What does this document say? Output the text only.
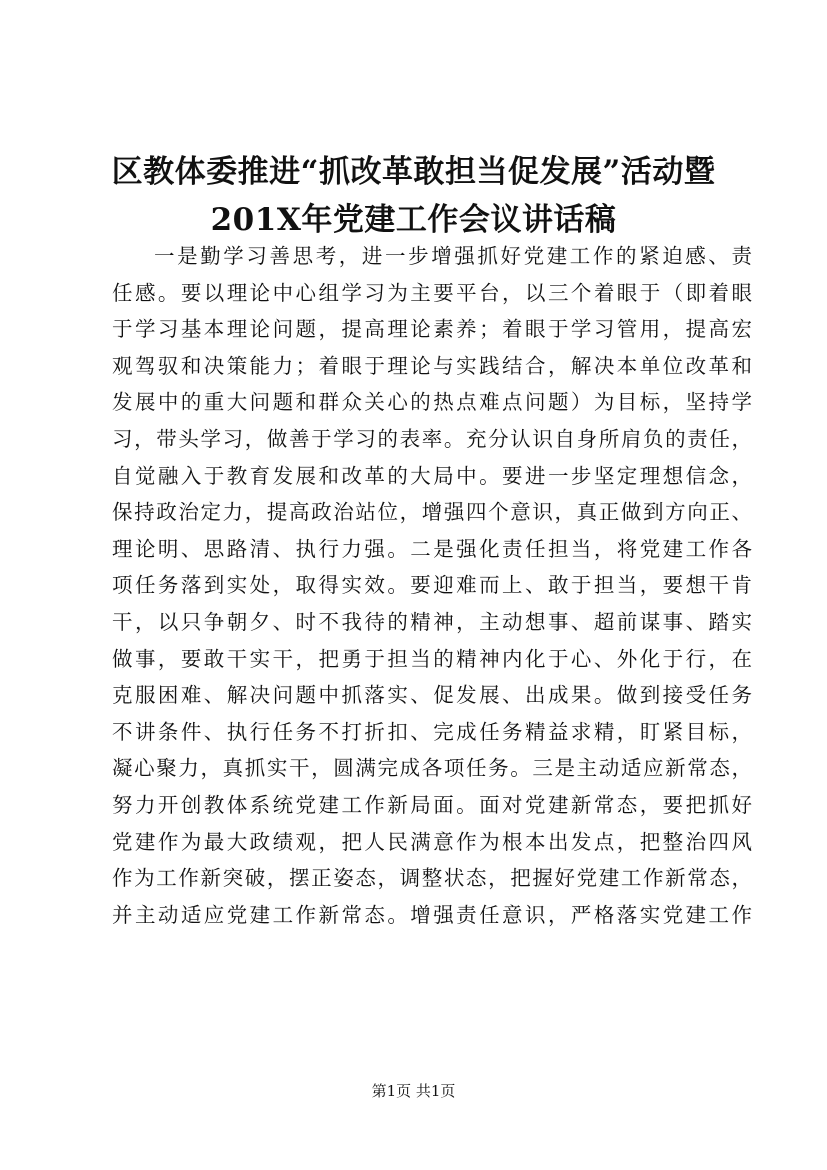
区教体委推进“抓改革敢担当促发展”活动暨
201X年党建工作会议讲话稿
一是勤学习善思考，进一步增强抓好党建工作的紧迫感、责
任感。要以理论中心组学习为主要平台，以三个着眼于（即着眼
于学习基本理论问题，提高理论素养；着眼于学习管用，提高宏
观驾驭和决策能力；着眼于理论与实践结合，解决本单位改革和
发展中的重大问题和群众关心的热点难点问题）为目标，坚持学
习，带头学习，做善于学习的表率。充分认识自身所肩负的责任，
自觉融入于教育发展和改革的大局中。要进一步坚定理想信念，
保持政治定力，提高政治站位，增强四个意识，真正做到方向正、
理论明、思路清、执行力强。二是强化责任担当，将党建工作各
项任务落到实处，取得实效。要迎难而上、敢于担当，要想干肯
干，以只争朝夕、时不我待的精神，主动想事、超前谋事、踏实
做事，要敢干实干，把勇于担当的精神内化于心、外化于行，在
克服困难、解决问题中抓落实、促发展、出成果。做到接受任务
不讲条件、执行任务不打折扣、完成任务精益求精，盯紧目标，
凝心聚力，真抓实干，圆满完成各项任务。三是主动适应新常态，
努力开创教体系统党建工作新局面。面对党建新常态，要把抓好
党建作为最大政绩观，把人民满意作为根本出发点，把整治四风
作为工作新突破，摆正姿态，调整状态，把握好党建工作新常态，
并主动适应党建工作新常态。增强责任意识，严格落实党建工作
第1页 共1页
